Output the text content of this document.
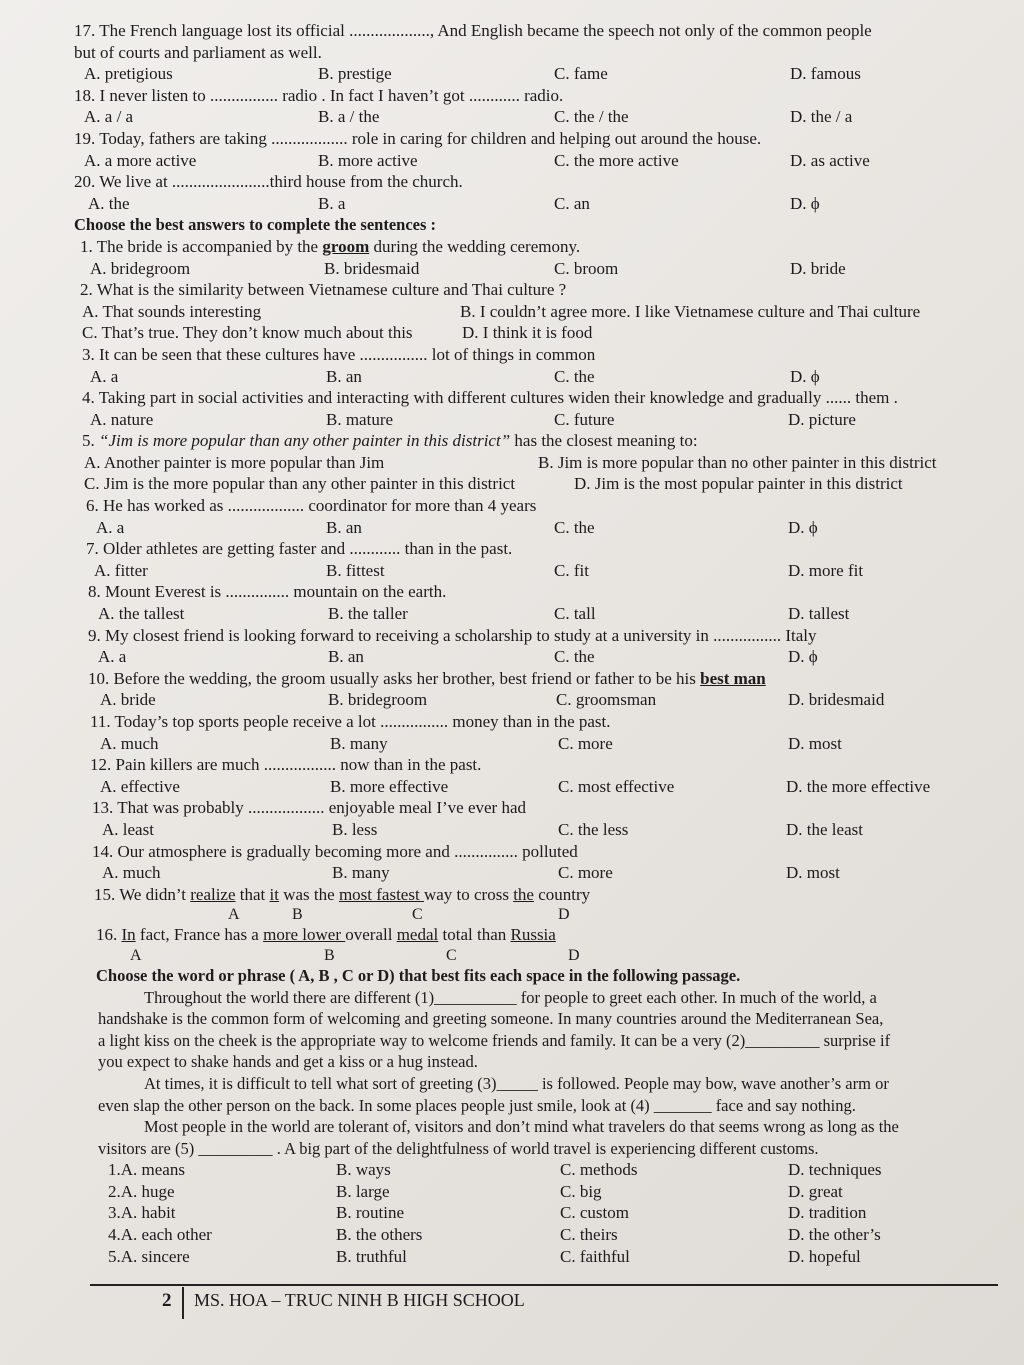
17. The French language lost its official ..................., And English became the speech not only of the common people
but of courts and parliament as well.
A. pretigious	B. prestige	C. fame	D. famous
18. I never listen to ................ radio . In fact I haven’t got ............ radio.
A. a / a	B. a / the	C. the / the	D. the / a
19. Today, fathers are taking .................. role in caring for children and helping out around the house.
A. a more active	B. more active	C. the more active	D. as active
20. We live at .......................third house from the church.
A. the	B. a	C. an	D. ϕ
Choose the best answers to complete the sentences :
1. The bride is accompanied by the groom during the wedding ceremony.
A. bridegroom	B. bridesmaid	C. broom	D. bride
2. What is the similarity between Vietnamese culture and Thai culture ?
A. That sounds interesting	B. I couldn’t agree more. I like Vietnamese culture and Thai culture
C. That’s true. They don’t know much about this	D. I think it is food
3. It can be seen that these cultures have ................ lot of things in common
A. a	B. an	C. the	D. ϕ
4. Taking part in social activities and interacting with different cultures widen their knowledge and gradually ...... them .
A. nature	B. mature	C. future	D. picture
5. “Jim is more popular than any other painter in this district” has the closest meaning to:
A. Another painter is more popular than Jim	B. Jim is more popular than no other painter in this district
C. Jim is the more popular than any other painter in this district	D. Jim is the most popular painter in this district
6. He has worked as .................. coordinator for more than 4 years
A. a	B. an	C. the	D. ϕ
7. Older athletes are getting faster and ............ than in the past.
A. fitter	B. fittest	C. fit	D. more fit
8. Mount Everest is ............... mountain on the earth.
A. the tallest	B. the taller	C. tall	D. tallest
9. My closest friend is looking forward to receiving a scholarship to study at a university in ................ Italy
A. a	B. an	C. the	D. ϕ
10. Before the wedding, the groom usually asks her brother, best friend or father to be his best man
A. bride	B. bridegroom	C. groomsman	D. bridesmaid
11. Today’s top sports people receive a lot ................ money than in the past.
A. much	B. many	C. more	D. most
12. Pain killers are much ................. now than in the past.
A. effective	B. more effective	C. most effective	D. the more effective
13. That was probably .................. enjoyable meal I’ve ever had
A. least	B. less	C. the less	D. the least
14. Our atmosphere is gradually becoming more and ............... polluted
A. much	B. many	C. more	D. most
15. We didn’t realize that it was the most fastest way to cross the country
A	B	C	D
16. In fact, France has a more lower overall medal total than Russia
A	B	C	D
Choose the word or phrase ( A, B , C or D) that best fits each space in the following passage.

Throughout the world there are different (1)__________ for people to greet each other. In much of the world, a

handshake is the common form of welcoming and greeting someone. In many countries around the Mediterranean Sea,

a light kiss on the cheek is the appropriate way to welcome friends and family. It can be a very (2)_________ surprise if

you expect to shake hands and get a kiss or a hug instead.

At times, it is difficult to tell what sort of greeting (3)_____ is followed. People may bow, wave another’s arm or

even slap the other person on the back. In some places people just smile, look at (4) _______ face and say nothing.

Most people in the world are tolerant of, visitors and don’t mind what travelers do that seems wrong as long as the

visitors are (5) _________ . A big part of the delightfulness of world travel is experiencing different customs.

1.A. means	B. ways	C. methods	D. techniques
2.A. huge	B. large	C. big	D. great
3.A. habit	B. routine	C. custom	D. tradition
4.A. each other	B. the others	C. theirs	D. the other’s
5.A. sincere	B. truthful	C. faithful	D. hopeful
2 MS. HOA – TRUC NINH B HIGH SCHOOL
